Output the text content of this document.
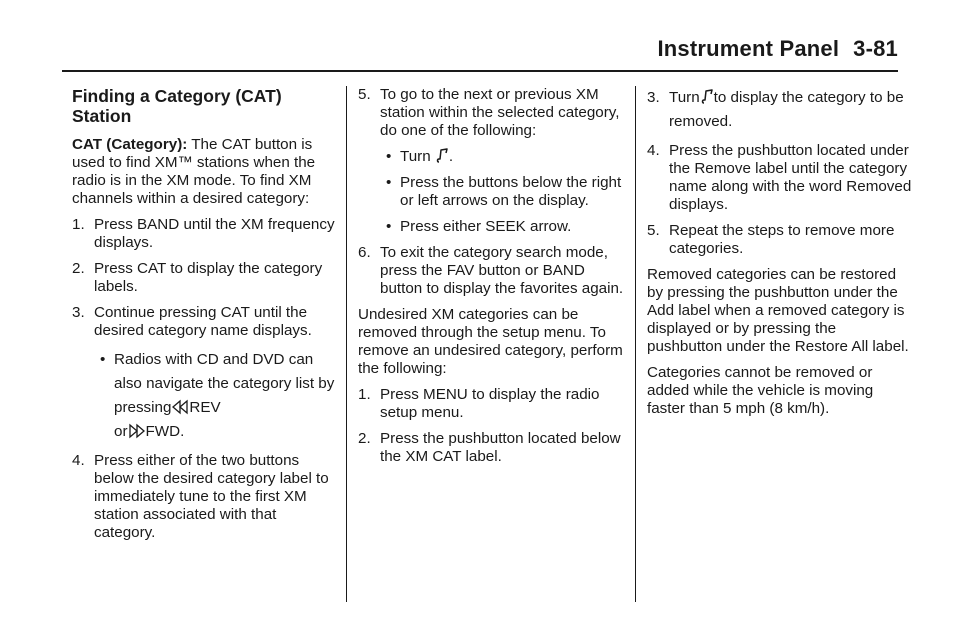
Instrument Panel 3-81
Finding a Category (CAT) Station

CAT (Category): The CAT button is used to find XM™ stations when the radio is in the XM mode. To find XM channels within a desired category:

1. Press BAND until the XM frequency displays.
2. Press CAT to display the category labels.
3. Continue pressing CAT until the desired category name displays.
• Radios with CD and DVD can also navigate the category list by pressing REV
or FWD.
4. Press either of the two buttons below the desired category label to immediately tune to the first XM station associated with that category.
5. To go to the next or previous XM station within the selected category, do one of the following:
• Turn .
• Press the buttons below the right or left arrows on the display.
• Press either SEEK arrow.
6. To exit the category search mode, press the FAV button or BAND button to display the favorites again.

Undesired XM categories can be removed through the setup menu. To remove an undesired category, perform the following:

1. Press MENU to display the radio setup menu.
2. Press the pushbutton located below the XM CAT label.
3. Turn to display the category to be removed.
4. Press the pushbutton located under the Remove label until the category name along with the word Removed displays.
5. Repeat the steps to remove more categories.

Removed categories can be restored by pressing the pushbutton under the Add label when a removed category is displayed or by pressing the pushbutton under the Restore All label.

Categories cannot be removed or added while the vehicle is moving faster than 5 mph (8 km/h).
